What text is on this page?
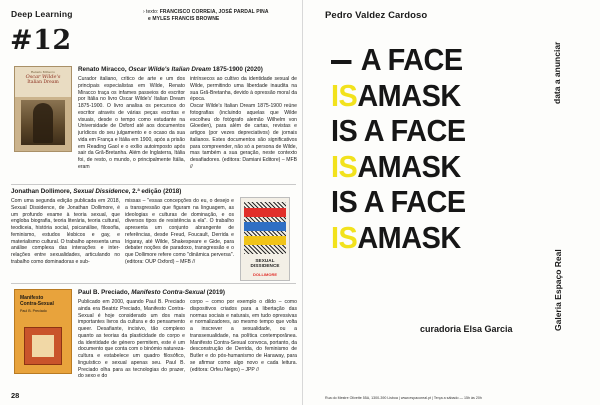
Deep Learning	› texto: FRANCISCO CORREIA, JOSÉ PARDAL PINA
e MYLES FRANCIS BROWNE
#12
Renato Miracco
Oscar Wilde's
Italian Dream
Renato Miracco, Oscar Wilde's Italian Dream 1875-1900 (2020)
Curador italiano, crítico de arte e um dos principais especialistas em Wilde, Renato Miracco traça os infames passeios do escritor por Itália no livro Oscar Wilde's' Italian Dream 1875-1900. O livro analisa os percursos do escritor através de várias peças escritas e visuais, desde o tempo como estudante na Universidade de Oxford até aos documentos jurídicos do seu julgamento e o ocaso da sua vida em França e Itália em 1900, após a prisão em Reading Gaol e o exílio autoimposto após sair da Grã-Bretanha. Além de Inglaterra, Itália foi, de resto, o mundo, o principalmente Itália, eram
intrínsecos ao cultivo da identidade sexual de Wilde, permitindo uma liberdade inaudita na sua Grã-Bretanha, devido à opressão moral da época.
Oscar Wilde's Italian Dream 1875-1900 reúne fotografias (incluindo aquelas que Wilde escolheu do fotógrafo alemão Wilhelm von Gloeden), para além de cartas, revistas e artigos (por vezes depreciativos) de jornais italianos. Estes documentos são significativos para compreender, não só a persona de Wilde, mas também a sua geração, neste contexto desafiadores. (editora: Damiani Editore) – MFB //
Jonathan Dollimore, Sexual Dissidence, 2.ª edição (2018)
Com uma segunda edição publicada em 2018, Sexual Dissidence, de Jonathan Dollimore, é um profundo exame à teoria sexual, que engloba biografia, teoria literária, teoria cultural, teodiceia, história social, psicanálise, filosofia, feminismo, estudos lésbicos e gay, e materialismo cultural. O trabalho apresenta uma análise complexa das interações e inter-relações entre sexualidades, articulando no trabalho como dominadoras e sub-
missas – "essas concepções do eu, o desejo e a transgressão que figuram na linguagem, as ideologias e culturas de dominação, e os diversos tipos de resistência a ela". O trabalho apresenta um conjunto abrangente de referências, desde Freud, Foucault, Derrida e Irigaray, até Wilde, Shakespeare e Gide, para debater noções de paradoxo, transgressão e o que Dollimore refere como "dinâmica perversa". (editora: OUP Oxford) – MFB //	SEXUAL DISSIDENCE
DOLLIMORE
Manifesto
Contra-Sexual
Paul B. Preciado
Paul B. Preciado, Manifesto Contra-Sexual (2019)
Publicado em 2000, quando Paul B. Preciado ainda era Beatriz Preciado, Manifesto Contra-Sexual é hoje considerado um dos mais importantes livros da cultura e do pensamento queer. Desafiante, incisivo, tão complexo quanto as teorias da plasticidade do corpo e da identidade de género permitem, este é um documento que conta com o binómio natureza-cultura e estabelece um quadro filosófico, linguístico e sexual apenas seu. Paul B. Preciado olha para as tecnologias do prazer, do sexo e do
corpo – como por exemplo o dildo – como dispositivos criados para a libertação das normas sociais e naturais, em tudo opressivas e normalizadores, ao mesmo tempo que volta a inscrever a sexualidade, ou a transsexualidade, na política contemporânea. Manifesto Contra-Sexual convoca, portanto, da desconstrução de Derrida, do feminismo de Butler e do pós-humanismo de Haraway, para se afirmar como algo novo e cada leitura. (editora: Orfeu Negro) – JPP //
28
Pedro Valdez Cardoso
data a anunciar
Galeria Espaço Real
A FACE
ISAMASK
IS A FACE
ISAMASK
IS A FACE
ISAMASK
curadoria Elsa Garcia
Rua do Mestre Olivette 55A, 1300-390 Lisboa | www.espacoreal.pt | Terça a sábado — 15h às 20h
